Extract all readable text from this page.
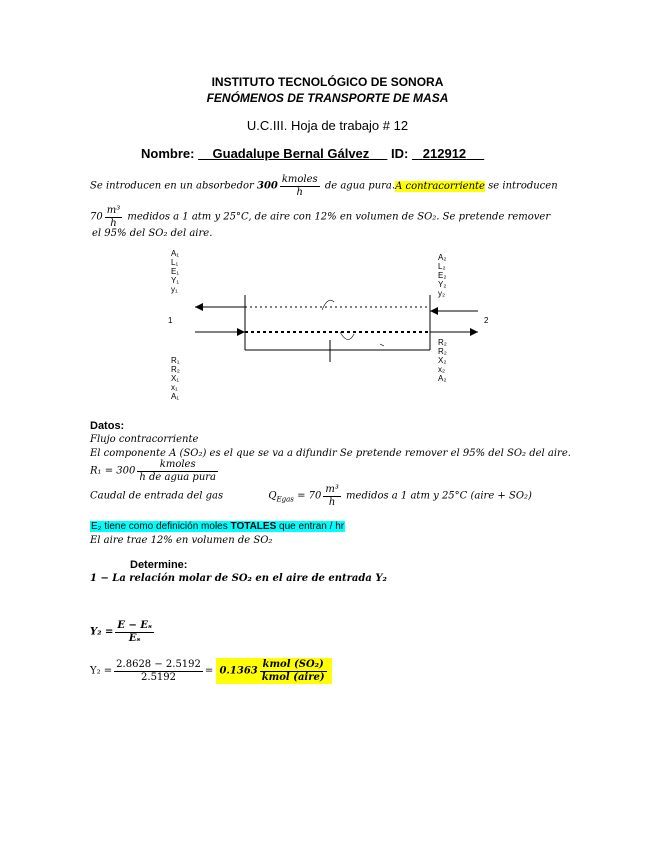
INSTITUTO TECNOLÓGICO DE SONORA
FENÓMENOS DE TRANSPORTE DE MASA
U.C.III. Hoja de trabajo # 12
Nombre:     Guadalupe Bernal Gálvez ID:    212912
Se introducen en un absorbedor $300 \frac{\text{kmoles}}{h}$ de agua pura.A contracorriente se introducen
$70 \frac{\text{m³}}{h}$ medidos a 1 atm y 25°C, de aire con 12% en volumen de SO₂. Se pretende remover
el 95% del SO₂ del aire.
1	2
A₁
L₁
E₁
Y₁
y₁
R₁
R₂
X₁
x₁
A₁
A₂
L₂
E₂
Y₂
y₂
R₂
R₂
X₂
x₂
A₂
Datos:
Flujo contracorriente
El componente A (SO₂) es el que se va a difundir Se pretende remover el 95% del SO₂ del aire.
$R_1 = 300 \frac{\text{kmoles}}{\text{h de agua pura}}$
Caudal de entrada del gas	$Q_{Egas} = 70 \frac{\text{m³}}{h}$ medidos a 1 atm y 25°C (aire + SO₂)
E₂ tiene como definición moles TOTALES que entran / hr
El aire trae 12% en volumen de SO₂
Determine:
1 − La relación molar de SO₂ en el aire de entrada Y₂
$Y_2 = \frac{\text{E − Eₛ}}{\text{Eₛ}}$
$Y_2 = \frac{2.8628 - 2.5192}{2.5192} = 0.1363 \frac{\text{kmol (SO₂)}}{\text{kmol (aire)}}$
